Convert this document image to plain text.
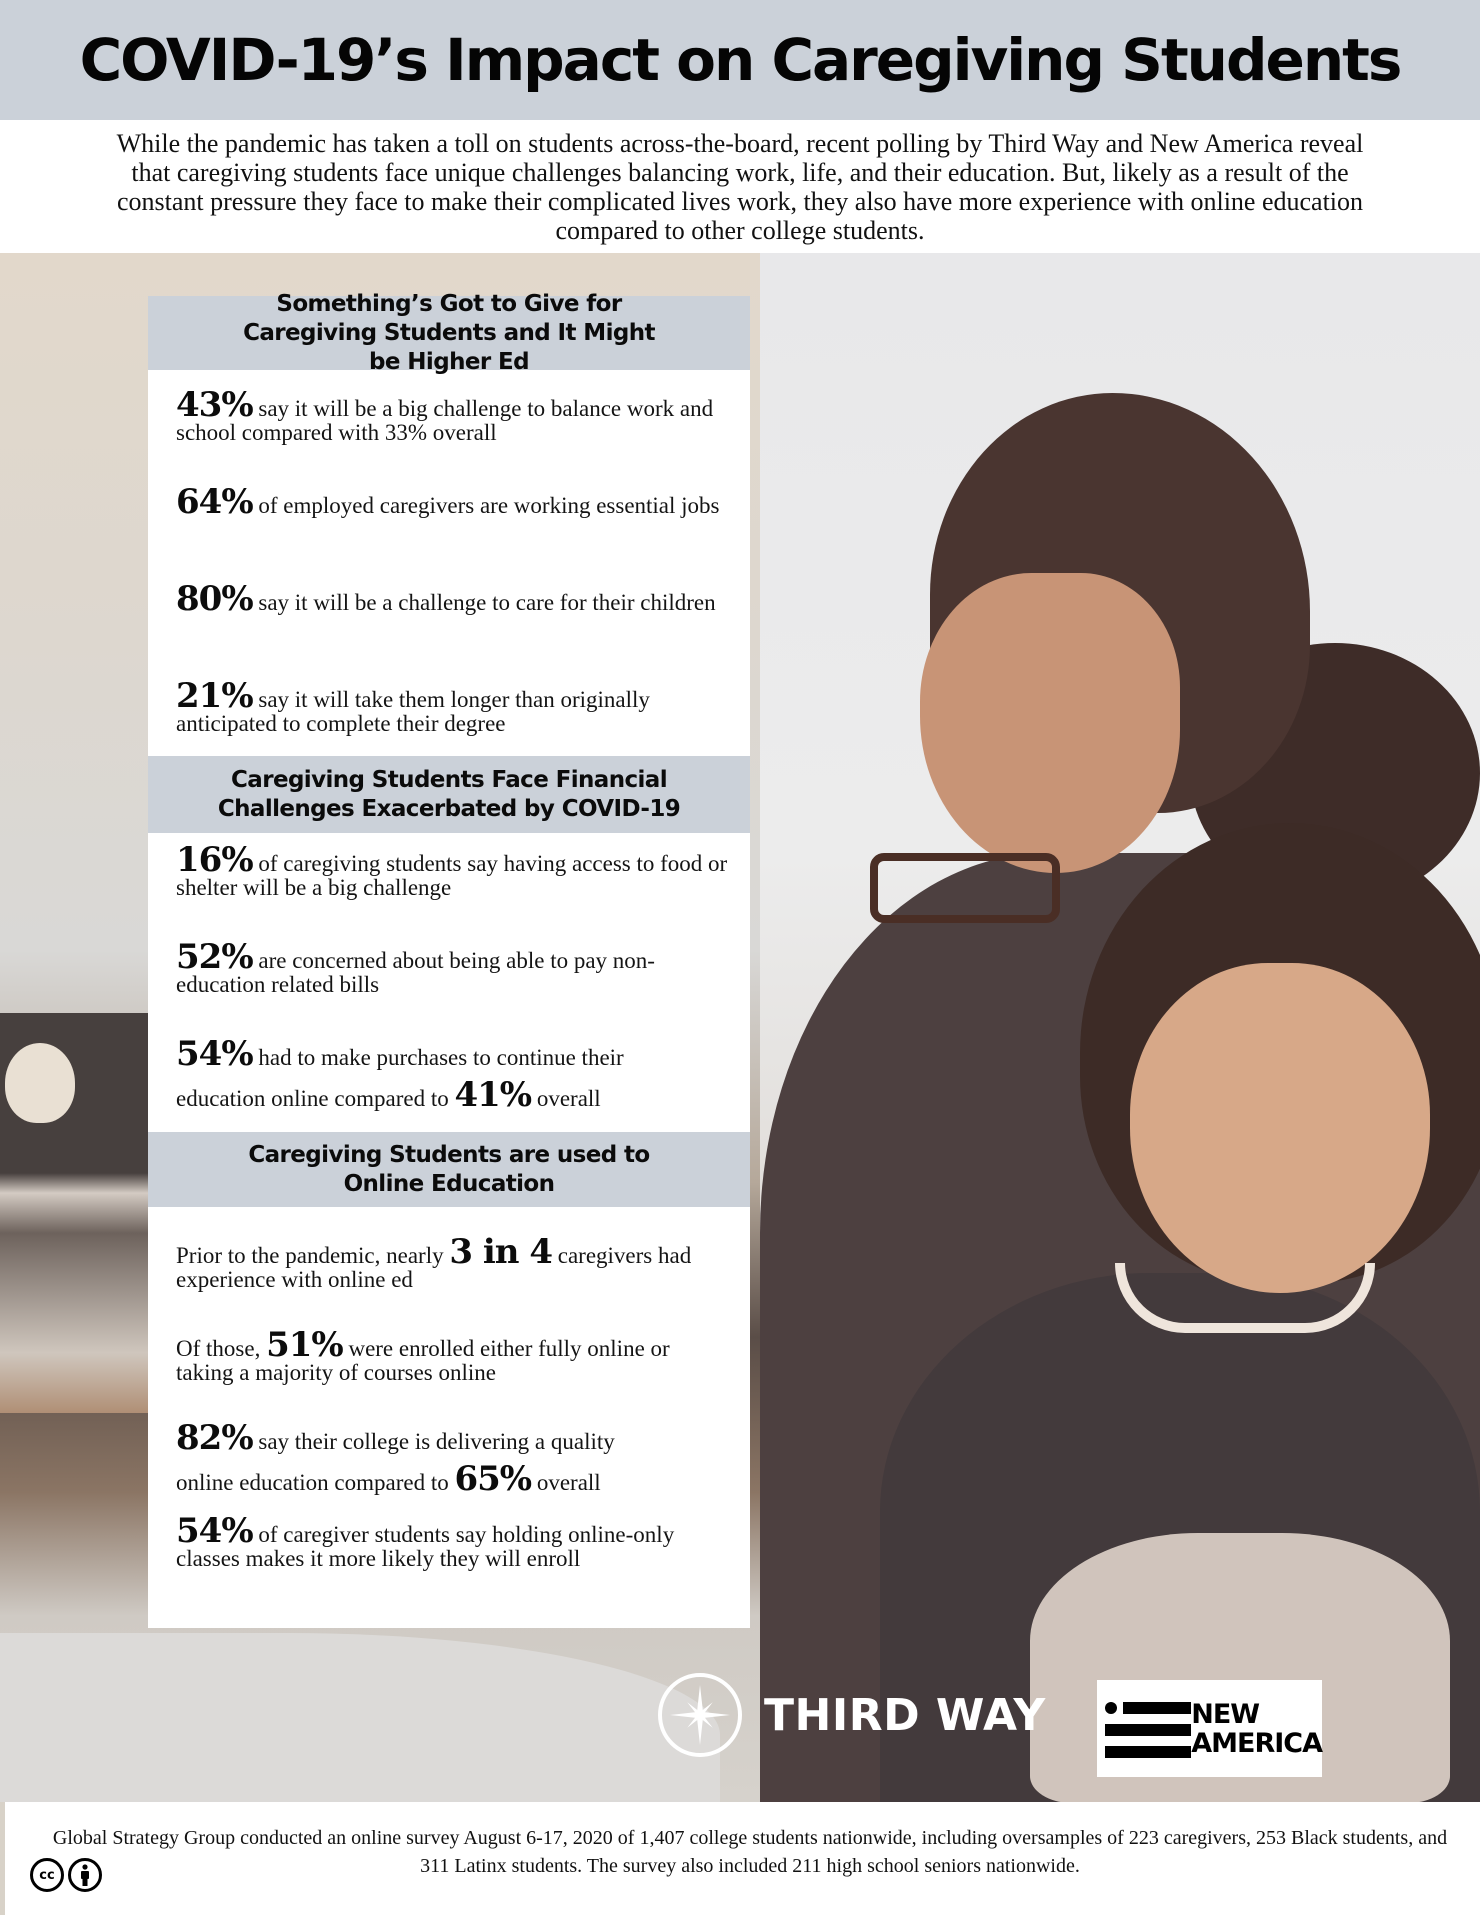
COVID-19’s Impact on Caregiving Students

While the pandemic has taken a toll on students across-the-board, recent polling by Third Way and New America reveal that caregiving students face unique challenges balancing work, life, and their education. But, likely as a result of the constant pressure they face to make their complicated lives work, they also have more experience with online education compared to other college students.

Something’s Got to Give for Caregiving Students and It Might be Higher Ed
43% say it will be a big challenge to balance work and school compared with 33% overall
64% of employed caregivers are working essential jobs
80% say it will be a challenge to care for their children
21% say it will take them longer than originally anticipated to complete their degree
Caregiving Students Face Financial Challenges Exacerbated by COVID-19
16% of caregiving students say having access to food or shelter will be a big challenge
52% are concerned about being able to pay non-education related bills
54% had to make purchases to continue their
education online compared to 41% overall
Caregiving Students are used to Online Education
Prior to the pandemic, nearly 3 in 4 caregivers had experience with online ed
Of those, 51% were enrolled either fully online or taking a majority of courses online
82% say their college is delivering a quality
online education compared to 65% overall
54% of caregiver students say holding online-only classes makes it more likely they will enroll
THIRD WAY	NEW
AMERICA
cc

Global Strategy Group conducted an online survey August 6-17, 2020 of 1,407 college students nationwide, including oversamples of 223 caregivers, 253 Black students, and 311 Latinx students. The survey also included 211 high school seniors nationwide.
